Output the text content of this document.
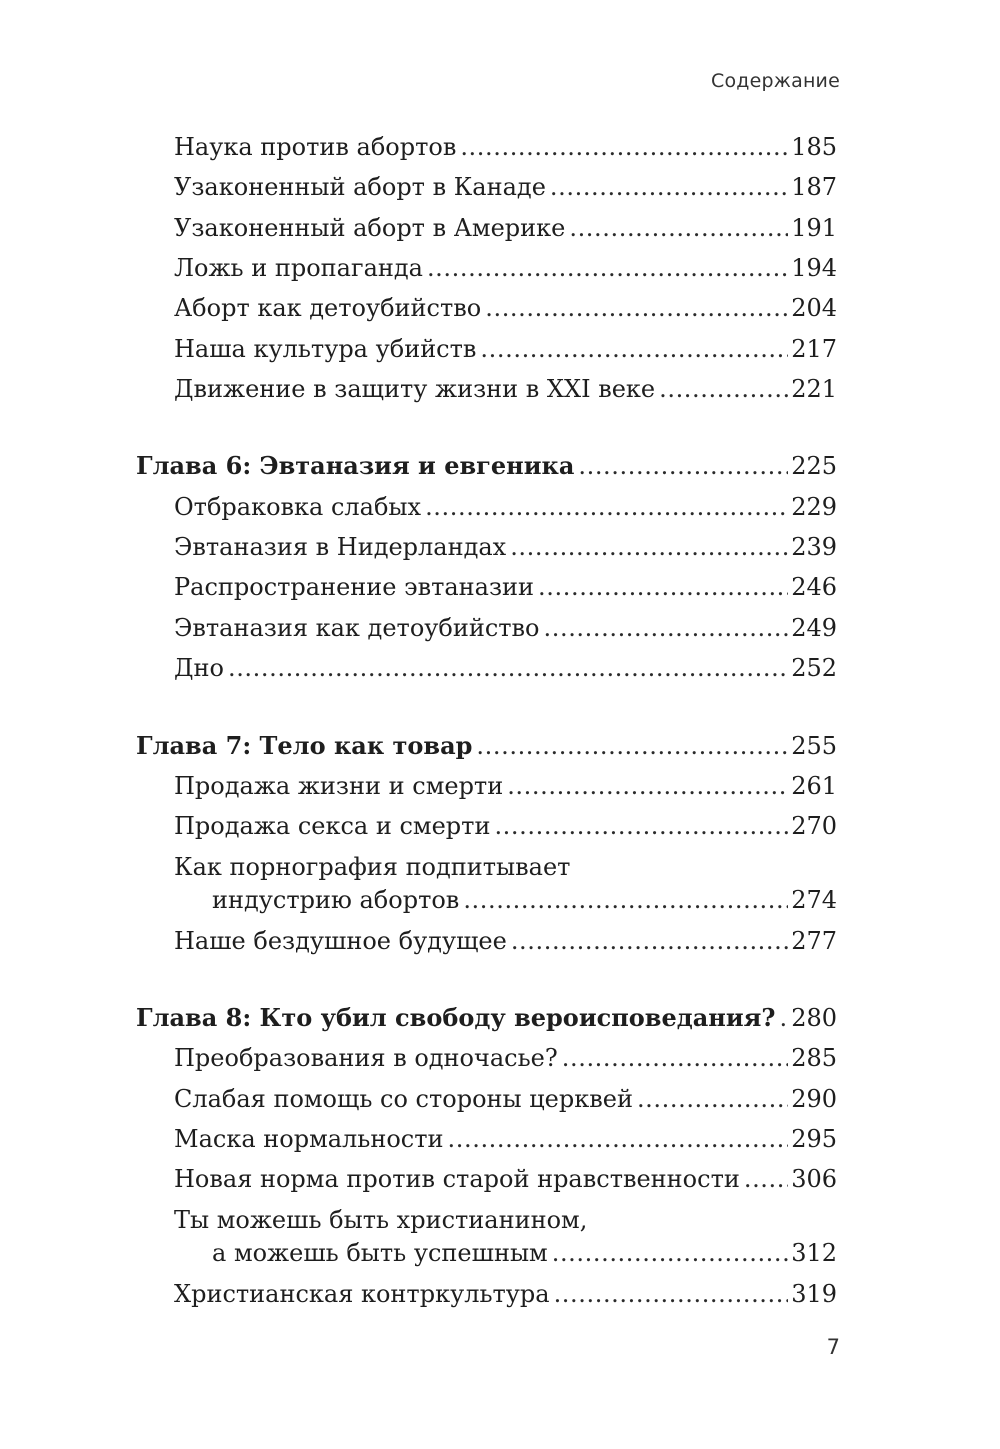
Содержание
Наука против абортов .....	185
Узаконенный аборт в Канаде .....	187
Узаконенный аборт в Америке .....	191
Ложь и пропаганда .....	194
Аборт как детоубийство .....	204
Наша культура убийств .....	217
Движение в защиту жизни в XXI веке .....	221
Глава 6: Эвтаназия и евгеника .....	225
Отбраковка слабых .....	229
Эвтаназия в Нидерландах .....	239
Распространение эвтаназии .....	246
Эвтаназия как детоубийство .....	249
Дно .....	252
Глава 7: Тело как товар .....	255
Продажа жизни и смерти .....	261
Продажа секса и смерти .....	270
Как порнография подпитывает
индустрию абортов .....	274
Наше бездушное будущее .....	277
Глава 8: Кто убил свободу вероисповедания? ..... 280
Преобразования в одночасье? .....	285
Слабая помощь со стороны церквей .....	290
Маска нормальности .....	295
Новая норма против старой нравственности ..... 306
Ты можешь быть христианином,
а можешь быть успешным .....	312
Христианская контркультура .....	319
7
